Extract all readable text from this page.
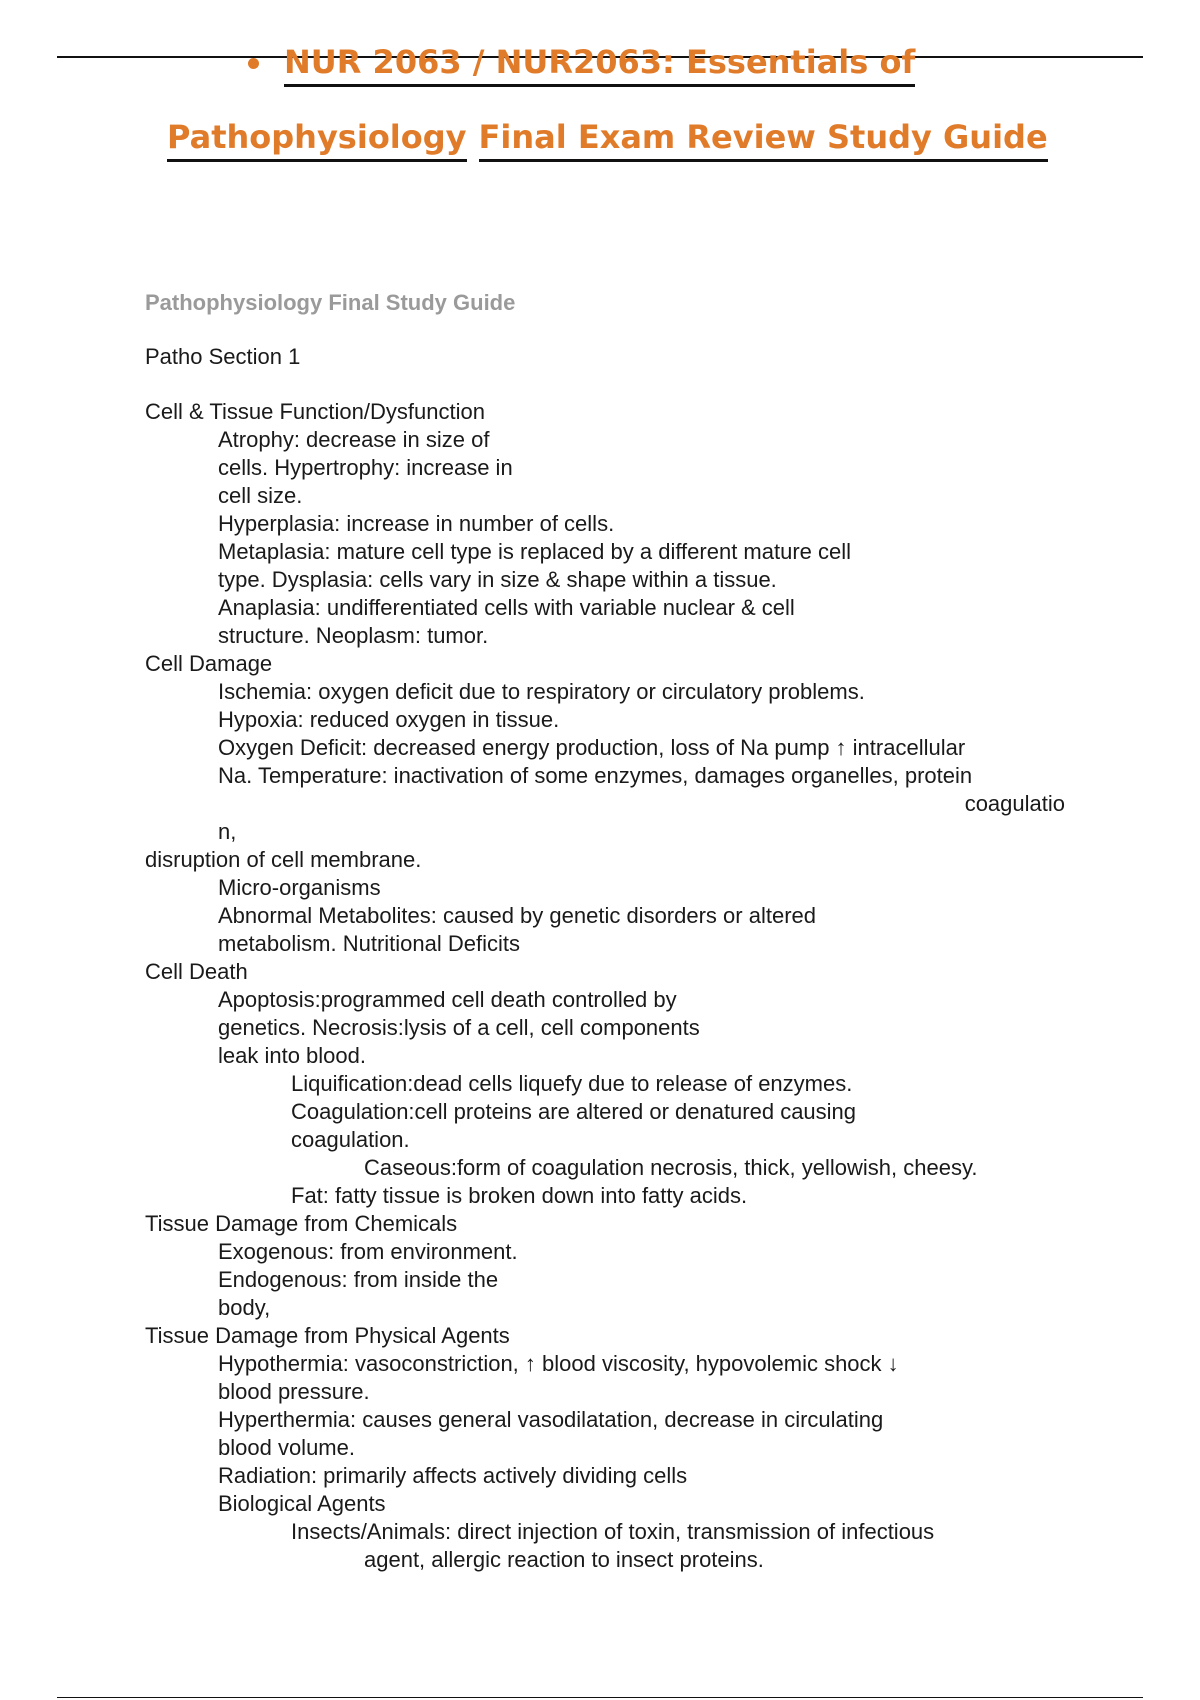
NUR 2063 / NUR2063: Essentials of
Pathophysiology Final Exam Review Study Guide
Pathophysiology Final Study Guide
Patho Section 1
Cell & Tissue Function/Dysfunction
Atrophy: decrease in size of
cells. Hypertrophy: increase in
cell size.
Hyperplasia: increase in number of cells.
Metaplasia: mature cell type is replaced by a different mature cell
type. Dysplasia: cells vary in size & shape within a tissue.
Anaplasia: undifferentiated cells with variable nuclear & cell
structure. Neoplasm: tumor.
Cell Damage
Ischemia: oxygen deficit due to respiratory or circulatory problems.
Hypoxia: reduced oxygen in tissue.
Oxygen Deficit: decreased energy production, loss of Na pump ↑ intracellular
Na. Temperature: inactivation of some enzymes, damages organelles, protein
coagulatio
n,
disruption of cell membrane.
Micro-organisms
Abnormal Metabolites: caused by genetic disorders or altered
metabolism. Nutritional Deficits
Cell Death
Apoptosis:programmed cell death controlled by
genetics. Necrosis:lysis of a cell, cell components
leak into blood.
Liquification:dead cells liquefy due to release of enzymes.
Coagulation:cell proteins are altered or denatured causing
coagulation.
Caseous:form of coagulation necrosis, thick, yellowish, cheesy.
Fat: fatty tissue is broken down into fatty acids.
Tissue Damage from Chemicals
Exogenous: from environment.
Endogenous: from inside the
body,
Tissue Damage from Physical Agents
Hypothermia: vasoconstriction, ↑ blood viscosity, hypovolemic shock ↓
blood pressure.
Hyperthermia: causes general vasodilatation, decrease in circulating
blood volume.
Radiation: primarily affects actively dividing cells
Biological Agents
Insects/Animals: direct injection of toxin, transmission of infectious
agent, allergic reaction to insect proteins.
